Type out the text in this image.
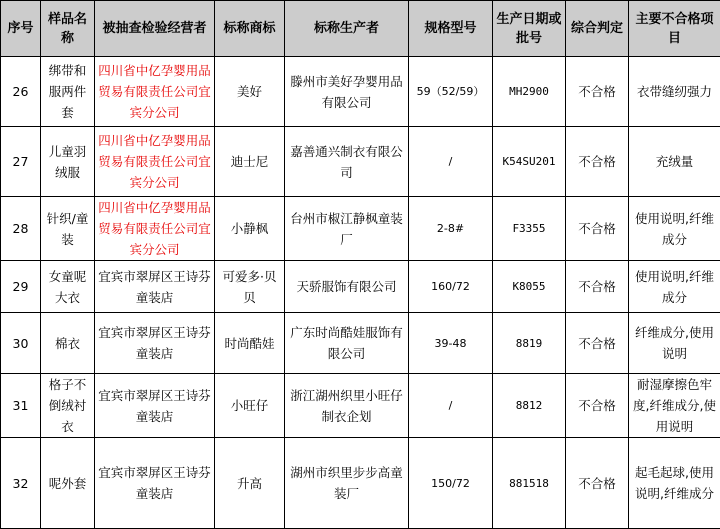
序号	样品名称	被抽查检验经营者	标称商标	标称生产者	规格型号	生产日期或批号	综合判定	主要不合格项目
26	绑带和服两件套	四川省中亿孕婴用品贸易有限责任公司宜宾分公司	美好	滕州市美好孕婴用品有限公司	59（52/59）	MH2900	不合格	衣带缝纫强力
27	儿童羽绒服	四川省中亿孕婴用品贸易有限责任公司宜宾分公司	迪士尼	嘉善通兴制衣有限公司	/	K54SU201	不合格	充绒量
28	针织/童装	四川省中亿孕婴用品贸易有限责任公司宜宾分公司	小静枫	台州市椒江静枫童装厂	2-8#	F3355	不合格	使用说明,纤维成分
29	女童呢大衣	宜宾市翠屏区王诗芬童装店	可爱多·贝贝	天骄服饰有限公司	160/72	K8055	不合格	使用说明,纤维成分
30	棉衣	宜宾市翠屏区王诗芬童装店	时尚酷娃	广东时尚酷娃服饰有限公司	39-48	8819	不合格	纤维成分,使用说明
31	格子不倒绒衬衣	宜宾市翠屏区王诗芬童装店	小旺仔	浙江湖州织里小旺仔制衣企划	/	8812	不合格	耐湿摩擦色牢度,纤维成分,使用说明
32	呢外套	宜宾市翠屏区王诗芬童装店	升高	湖州市织里步步高童装厂	150/72	881518	不合格	起毛起球,使用说明,纤维成分
